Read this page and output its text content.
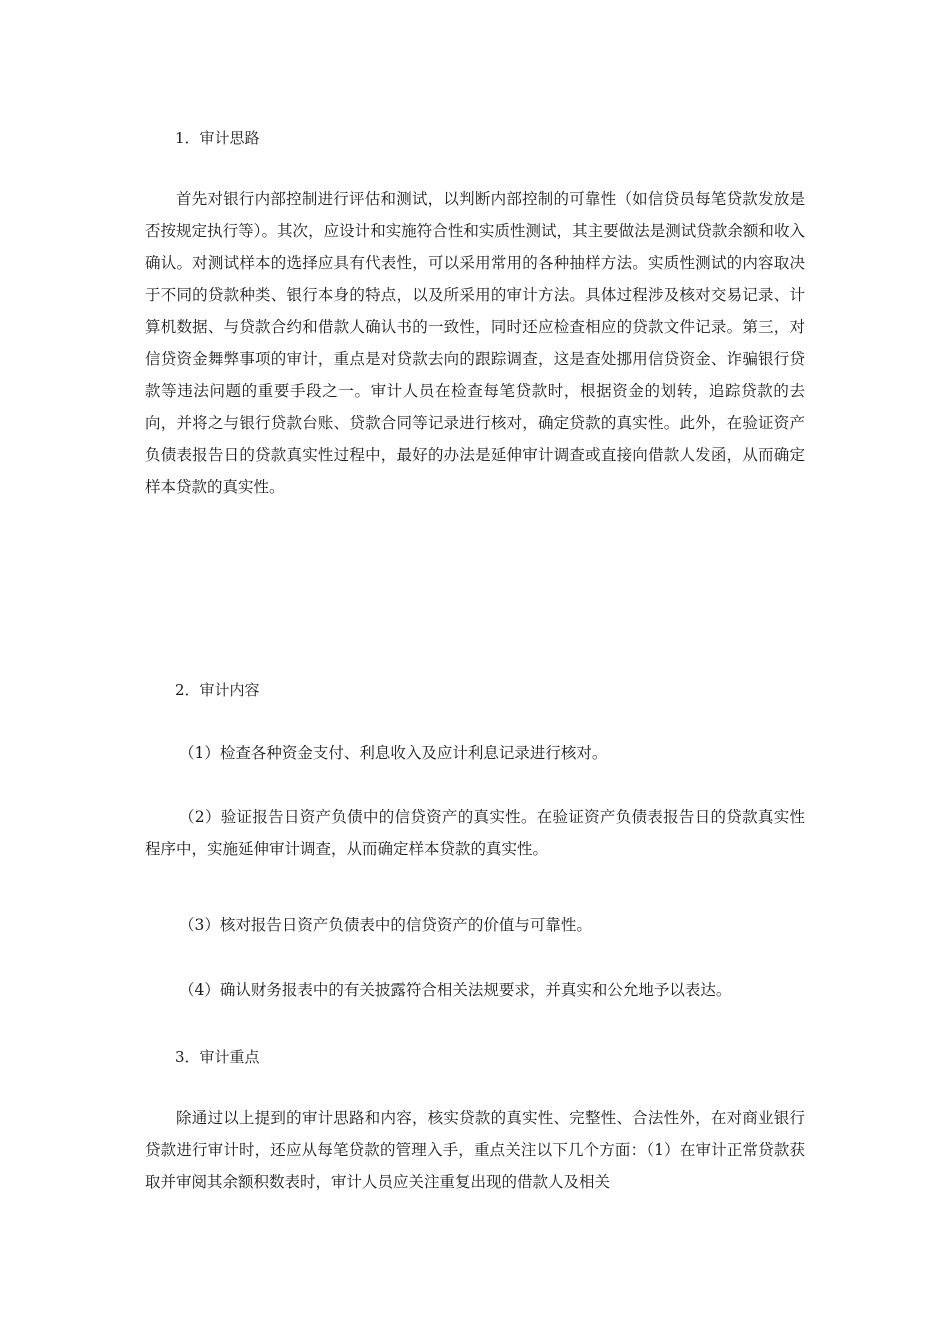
1．审计思路
首先对银行内部控制进行评估和测试，以判断内部控制的可靠性（如信贷员每笔贷款发放是否按规定执行等）。其次，应设计和实施符合性和实质性测试，其主要做法是测试贷款余额和收入确认。对测试样本的选择应具有代表性，可以采用常用的各种抽样方法。实质性测试的内容取决于不同的贷款种类、银行本身的特点，以及所采用的审计方法。具体过程涉及核对交易记录、计算机数据、与贷款合约和借款人确认书的一致性，同时还应检查相应的贷款文件记录。第三，对信贷资金舞弊事项的审计，重点是对贷款去向的跟踪调查，这是查处挪用信贷资金、诈骗银行贷款等违法问题的重要手段之一。审计人员在检查每笔贷款时，根据资金的划转，追踪贷款的去向，并将之与银行贷款台账、贷款合同等记录进行核对，确定贷款的真实性。此外，在验证资产负债表报告日的贷款真实性过程中，最好的办法是延伸审计调查或直接向借款人发函，从而确定样本贷款的真实性。
2．审计内容
（1）检查各种资金支付、利息收入及应计利息记录进行核对。
（2）验证报告日资产负债中的信贷资产的真实性。在验证资产负债表报告日的贷款真实性程序中，实施延伸审计调查，从而确定样本贷款的真实性。
（3）核对报告日资产负债表中的信贷资产的价值与可靠性。
（4）确认财务报表中的有关披露符合相关法规要求，并真实和公允地予以表达。
3．审计重点
除通过以上提到的审计思路和内容，核实贷款的真实性、完整性、合法性外，在对商业银行贷款进行审计时，还应从每笔贷款的管理入手，重点关注以下几个方面：（1）在审计正常贷款获取并审阅其余额积数表时，审计人员应关注重复出现的借款人及相关
